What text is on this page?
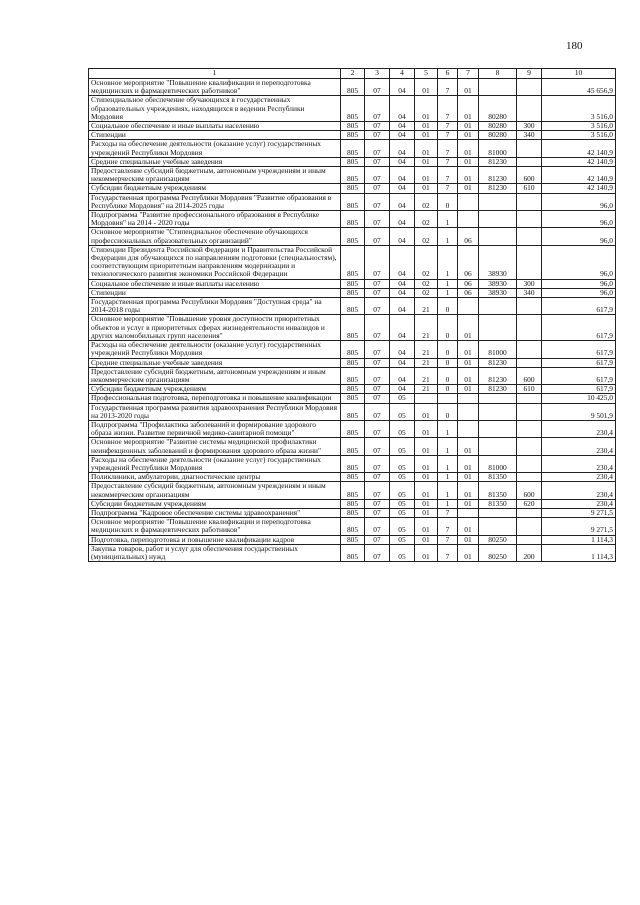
180
1	2	3	4	5	6	7	8	9	10
Основное мероприятие "Повышение квалификации и переподготовка медицинских и фармацевтических работников"	805	07	04	01	7	01			45 656,9
Стипендиальное обеспечение обучающихся в государственных образовательных учреждениях, находящихся в ведении Республики Мордовия	805	07	04	01	7	01	80280		3 516,0
Социальное обеспечение и иные выплаты населению	805	07	04	01	7	01	80280	300	3 516,0
Стипендии	805	07	04	01	7	01	80280	340	3 516,0
Расходы на обеспечение деятельности (оказание услуг) государственных учреждений Республики Мордовия	805	07	04	01	7	01	81000		42 140,9
Средние специальные учебные заведения	805	07	04	01	7	01	81230		42 140,9
Предоставление субсидий бюджетным, автономным учреждениям и иным некоммерческим организациям	805	07	04	01	7	01	81230	600	42 140,9
Субсидии бюджетным учреждениям	805	07	04	01	7	01	81230	610	42 140,9
Государственная программа Республики Мордовия "Развитие образования в Республике Мордовия" на 2014-2025 годы	805	07	04	02	0				96,0
Подпрограмма "Развитие профессионального образования в Республике Мордовия" на 2014 - 2020 годы	805	07	04	02	1				96,0
Основное мероприятие "Стипендиальное обеспечение обучающихся профессиональных образовательных организаций"	805	07	04	02	1	06			96,0
Стипендии Президента Российской Федерации и Правительства Российской Федерации для обучающихся по направлениям подготовки (специальностям), соответствующим приоритетным направлениям модернизации и технологического развития экономики Российской Федерации	805	07	04	02	1	06	38930		96,0
Социальное обеспечение и иные выплаты населению	805	07	04	02	1	06	38930	300	96,0
Стипендии	805	07	04	02	1	06	38930	340	96,0
Государственная программа Республики Мордовия "Доступная среда" на 2014-2018 годы	805	07	04	21	0				617,9
Основное мероприятие "Повышение уровня доступности приоритетных объектов и услуг в приоритетных сферах жизнедеятельности инвалидов и других маломобильных групп населения"	805	07	04	21	0	01			617,9
Расходы на обеспечение деятельности (оказание услуг) государственных учреждений Республики Мордовия	805	07	04	21	0	01	81000		617,9
Средние специальные учебные заведения	805	07	04	21	0	01	81230		617,9
Предоставление субсидий бюджетным, автономным учреждениям и иным некоммерческим организациям	805	07	04	21	0	01	81230	600	617,9
Субсидии бюджетным учреждениям	805	07	04	21	0	01	81230	610	617,9
Профессиональная подготовка, переподготовка и повышение квалификации	805	07	05						10 425,0
Государственная программа развития здравоохранения Республики Мордовия на 2013-2020 годы	805	07	05	01	0				9 501,9
Подпрограмма "Профилактика заболеваний и формирование здорового образа жизни. Развитие первичной медико-санитарной помощи"	805	07	05	01	1				230,4
Основное мероприятие "Развитие системы медицинской профилактики неинфекционных заболеваний и формирования здорового образа жизни"	805	07	05	01	1	01			230,4
Расходы на обеспечение деятельности (оказание услуг) государственных учреждений Республики Мордовия	805	07	05	01	1	01	81000		230,4
Поликлиники, амбулатории, диагностические центры	805	07	05	01	1	01	81350		230,4
Предоставление субсидий бюджетным, автономным учреждениям и иным некоммерческим организациям	805	07	05	01	1	01	81350	600	230,4
Субсидии бюджетным учреждениям	805	07	05	01	1	01	81350	620	230,4
Подпрограмма "Кадровое обеспечение системы здравоохранения"	805	07	05	01	7				9 271,5
Основное мероприятие "Повышение квалификации и переподготовка медицинских и фармацевтических работников"	805	07	05	01	7	01			9 271,5
Подготовка, переподготовка и повышение квалификации кадров	805	07	05	01	7	01	80250		1 114,3
Закупка товаров, работ и услуг для обеспечения государственных (муниципальных) нужд	805	07	05	01	7	01	80250	200	1 114,3
